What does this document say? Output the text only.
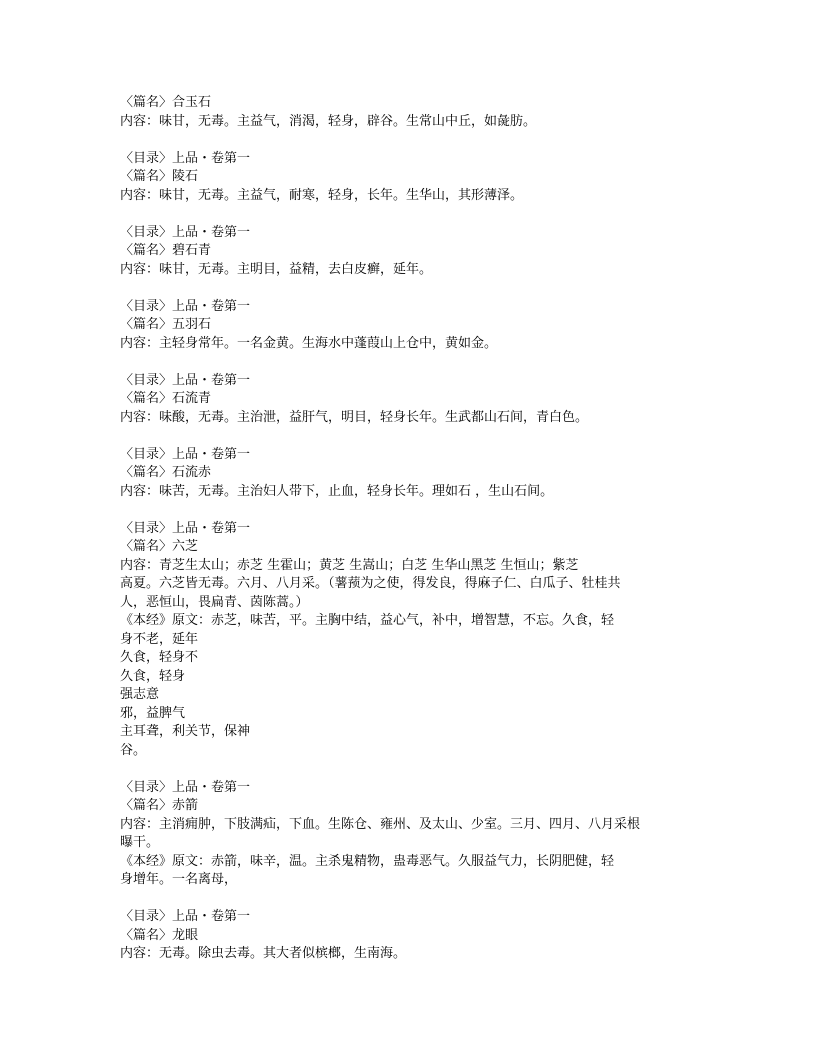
〈篇名〉合玉石
内容：味甘，无毒。主益气，消渴，轻身，辟谷。生常山中丘，如彘肪。
〈目录〉上品・卷第一
〈篇名〉陵石
内容：味甘，无毒。主益气，耐寒，轻身，长年。生华山，其形薄泽。
〈目录〉上品・卷第一
〈篇名〉碧石青
内容：味甘，无毒。主明目，益精，去白皮癣，延年。
〈目录〉上品・卷第一
〈篇名〉五羽石
内容：主轻身常年。一名金黄。生海水中蓬葭山上仓中，黄如金。
〈目录〉上品・卷第一
〈篇名〉石流青
内容：味酸，无毒。主治泄，益肝气，明目，轻身长年。生武都山石间，青白色。
〈目录〉上品・卷第一
〈篇名〉石流赤
内容：味苦，无毒。主治妇人带下，止血，轻身长年。理如石 ，生山石间。
〈目录〉上品・卷第一
〈篇名〉六芝
内容：青芝生太山；赤芝 生霍山；黄芝 生嵩山；白芝 生华山黑芝 生恒山；紫芝
高夏。六芝皆无毒。六月、八月采。（薯蓣为之使，得发良，得麻子仁、白瓜子、牡桂共
人，恶恒山，畏扁青、茵陈蒿。）
《本经》原文：赤芝，味苦，平。主胸中结，益心气，补中，增智慧，不忘。久食，轻
身不老，延年
久食，轻身不
久食，轻身
强志意
邪，益脾气
主耳聋，利关节，保神
谷。
〈目录〉上品・卷第一
〈篇名〉赤箭
内容：主消痈肿，下肢满疝，下血。生陈仓、雍州、及太山、少室。三月、四月、八月采根
曝干。
《本经》原文：赤箭，味辛，温。主杀鬼精物，蛊毒恶气。久服益气力，长阴肥健，轻
身增年。一名离母，
〈目录〉上品・卷第一
〈篇名〉龙眼
内容：无毒。除虫去毒。其大者似槟榔，生南海。
